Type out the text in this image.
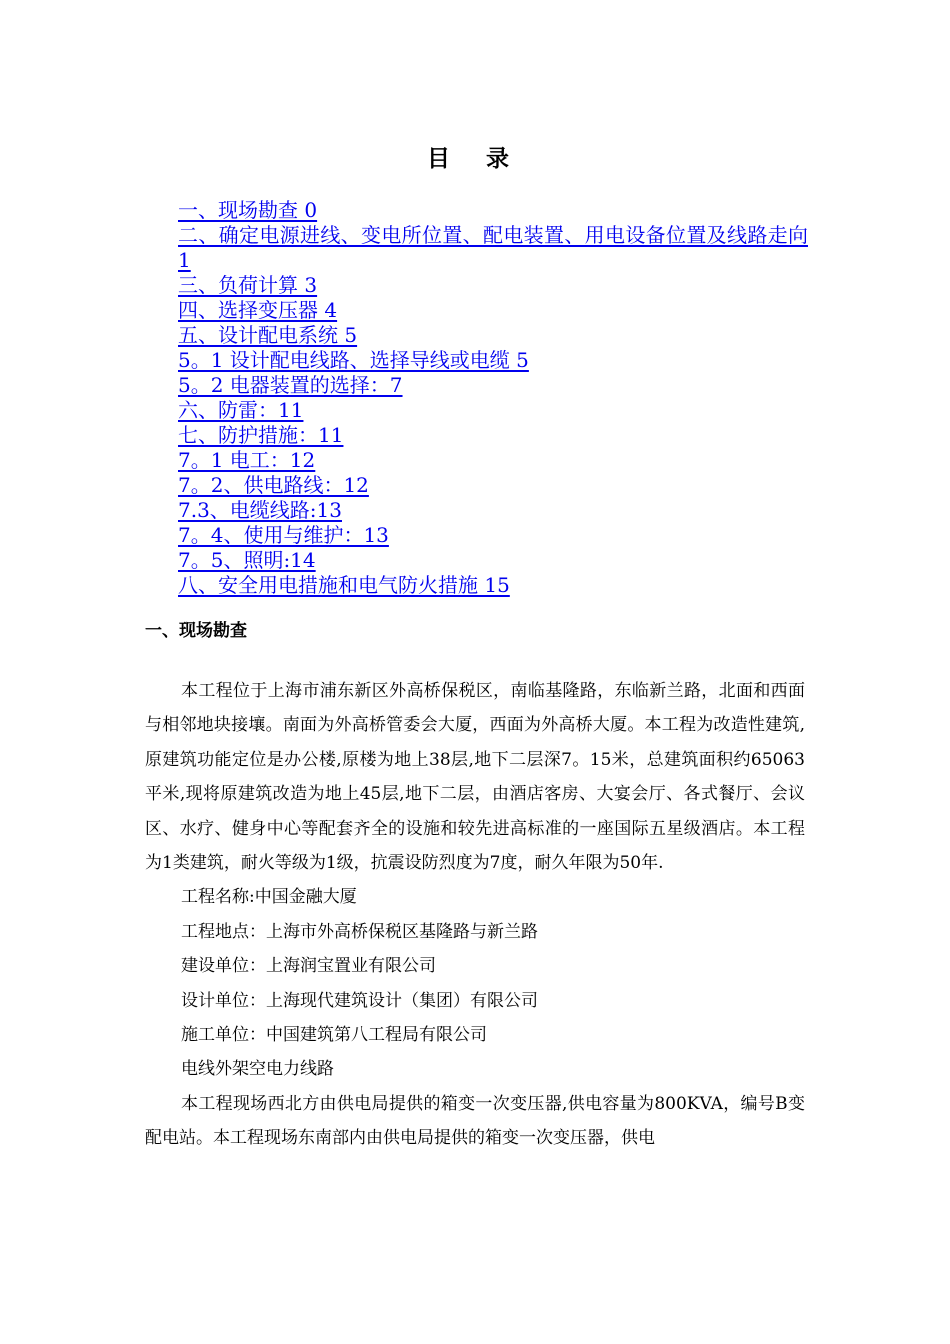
目 录
一、现场勘查 0
二、确定电源进线、变电所位置、配电装置、用电设备位置及线路走向 1
三、负荷计算 3
四、选择变压器 4
五、设计配电系统 5
5。1 设计配电线路、选择导线或电缆 5
5。2 电器装置的选择：7
六、防雷：11
七、防护措施：11
7。1 电工：12
7。2、供电路线：12
7.3、电缆线路:13
7。4、使用与维护：13
7。5、照明:14
八、安全用电措施和电气防火措施 15
一、现场勘查

本工程位于上海市浦东新区外高桥保税区，南临基隆路，东临新兰路，北面和西面与相邻地块接壤。南面为外高桥管委会大厦，西面为外高桥大厦。本工程为改造性建筑,原建筑功能定位是办公楼,原楼为地上38层,地下二层深7。15米，总建筑面积约65063平米,现将原建筑改造为地上45层,地下二层，由酒店客房、大宴会厅、各式餐厅、会议区、水疗、健身中心等配套齐全的设施和较先进高标准的一座国际五星级酒店。本工程为1类建筑，耐火等级为1级，抗震设防烈度为7度，耐久年限为50年.

工程名称:中国金融大厦

工程地点：上海市外高桥保税区基隆路与新兰路

建设单位：上海润宝置业有限公司

设计单位：上海现代建筑设计（集团）有限公司

施工单位：中国建筑第八工程局有限公司

电线外架空电力线路

本工程现场西北方由供电局提供的箱变一次变压器,供电容量为800KVA，编号B变配电站。本工程现场东南部内由供电局提供的箱变一次变压器，供电
